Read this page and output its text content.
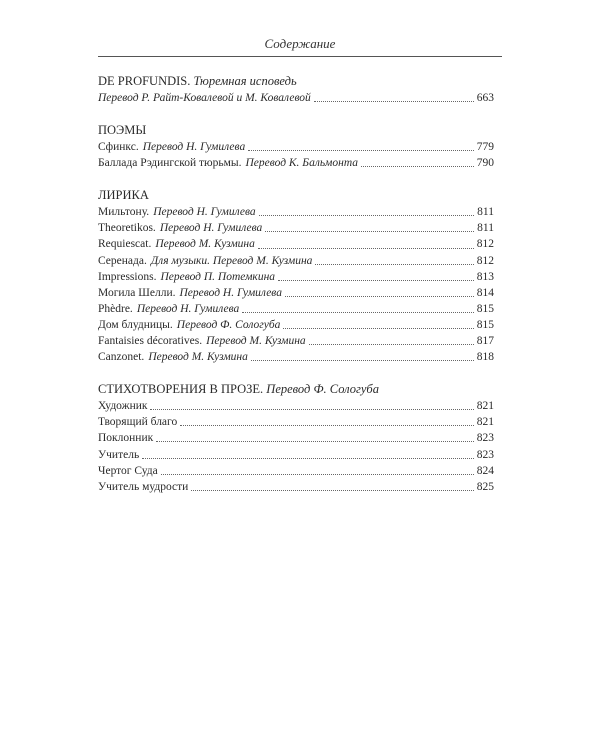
Содержание
DE PROFUNDIS. Тюремная исповедь
Перевод Р. Райт-Ковалевой и М. Ковалевой	663
ПОЭМЫ
Сфинкс. Перевод Н. Гумилева	779
Баллада Рэдингской тюрьмы. Перевод К. Бальмонта	790
ЛИРИКА
Мильтону. Перевод Н. Гумилева	811
Theoretikos. Перевод Н. Гумилева	811
Requiescat. Перевод М. Кузмина	812
Серенада. Для музыки. Перевод М. Кузмина	812
Impressions. Перевод П. Потемкина	813
Могила Шелли. Перевод Н. Гумилева	814
Phèdre. Перевод Н. Гумилева	815
Дом блудницы. Перевод Ф. Сологуба	815
Fantaisies décoratives. Перевод М. Кузмина	817
Canzonet. Перевод М. Кузмина	818
СТИХОТВОРЕНИЯ В ПРОЗЕ. Перевод Ф. Сологуба
Художник	821
Творящий благо	821
Поклонник	823
Учитель	823
Чертог Суда	824
Учитель мудрости	825
